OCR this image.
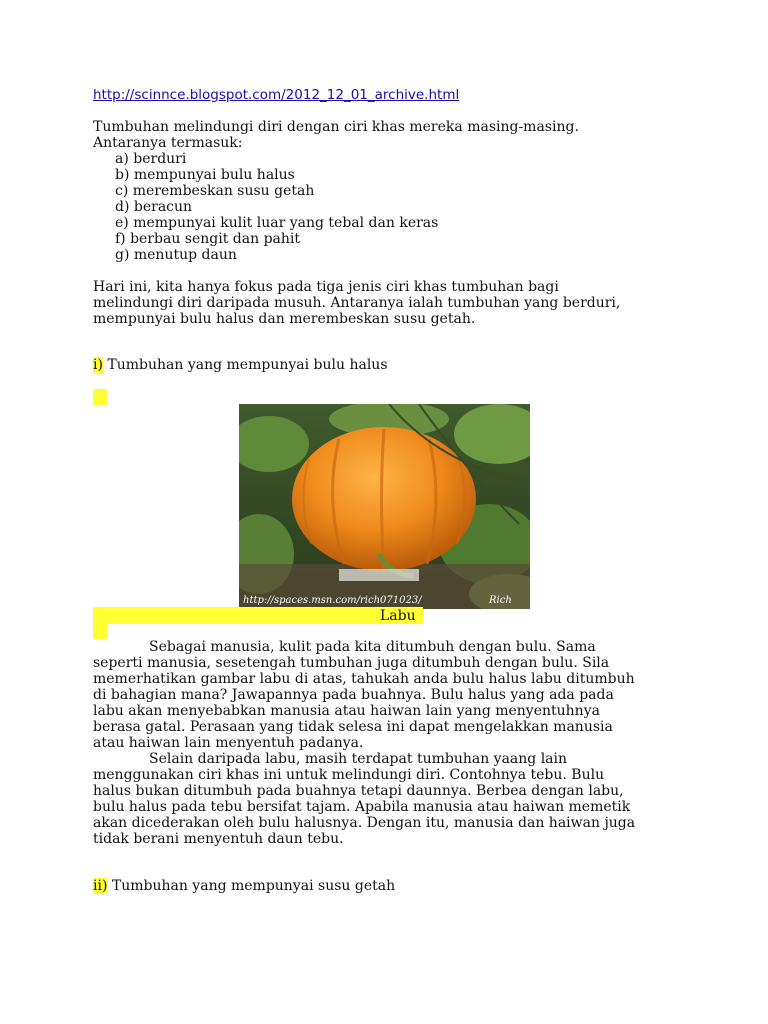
http://scinnce.blogspot.com/2012_12_01_archive.html
Tumbuhan melindungi diri dengan ciri khas mereka masing-masing.
Antaranya termasuk:
a) berduri
b) mempunyai bulu halus
c) merembeskan susu getah
d) beracun
e) mempunyai kulit luar yang tebal dan keras
f) berbau sengit dan pahit
g) menutup daun
Hari ini, kita hanya fokus pada tiga jenis ciri khas tumbuhan bagi
melindungi diri daripada musuh. Antaranya ialah tumbuhan yang berduri,
mempunyai bulu halus dan merembeskan susu getah.
i) Tumbuhan yang mempunyai bulu halus
http://spaces.msn.com/rich071023/	Rich
Labu
Sebagai manusia, kulit pada kita ditumbuh dengan bulu. Sama
seperti manusia, sesetengah tumbuhan juga ditumbuh dengan bulu. Sila
memerhatikan gambar labu di atas, tahukah anda bulu halus labu ditumbuh
di bahagian mana? Jawapannya pada buahnya. Bulu halus yang ada pada
labu akan menyebabkan manusia atau haiwan lain yang menyentuhnya
berasa gatal. Perasaan yang tidak selesa ini dapat mengelakkan manusia
atau haiwan lain menyentuh padanya.
Selain daripada labu, masih terdapat tumbuhan yaang lain
menggunakan ciri khas ini untuk melindungi diri. Contohnya tebu. Bulu
halus bukan ditumbuh pada buahnya tetapi daunnya. Berbea dengan labu,
bulu halus pada tebu bersifat tajam. Apabila manusia atau haiwan memetik
akan dicederakan oleh bulu halusnya. Dengan itu, manusia dan haiwan juga
tidak berani menyentuh daun tebu.
ii) Tumbuhan yang mempunyai susu getah
